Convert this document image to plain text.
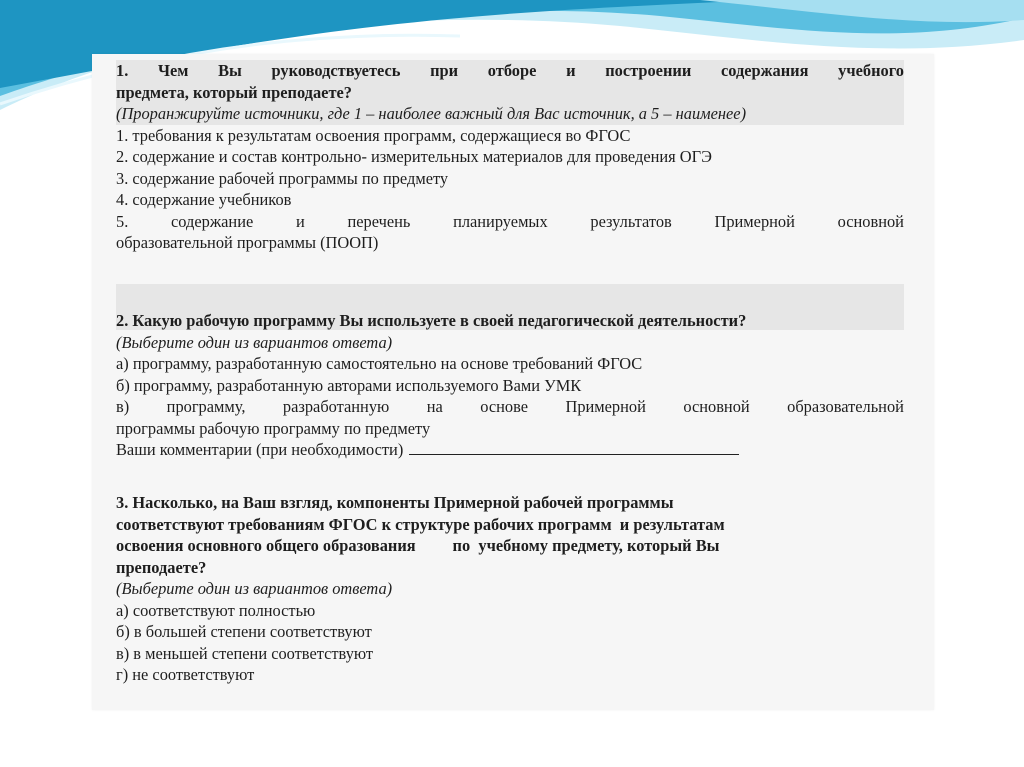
1. Чем Вы руководствуетесь при отборе и построении содержания учебного
предмета, который преподаете?
(Проранжируйте источники, где 1 – наиболее важный для Вас источник, а 5 – наименее)
1. требования к результатам освоения программ, содержащиеся во ФГОС
2. содержание и состав контрольно- измерительных материалов для проведения ОГЭ
3. содержание рабочей программы по предмету
4. содержание учебников
5.	содержание	и	перечень	планируемых	результатов	Примерной	основной
образовательной программы (ПООП)
2. Какую рабочую программу Вы используете в своей педагогической деятельности?
(Выберите один из вариантов ответа)
а) программу, разработанную самостоятельно на основе требований ФГОС
б) программу, разработанную авторами используемого Вами УМК
в) программу, разработанную на основе Примерной основной образовательной
программы рабочую программу по предмету
Ваши комментарии (при необходимости)
3. Насколько, на Ваш взгляд, компоненты Примерной рабочей программы
соответствуют требованиям ФГОС к структуре рабочих программ  и результатам
освоения основного общего образования         по  учебному предмету, который Вы
преподаете?
(Выберите один из вариантов ответа)
а) соответствуют полностью
б) в большей степени соответствуют
в) в меньшей степени соответствуют
г) не соответствуют
